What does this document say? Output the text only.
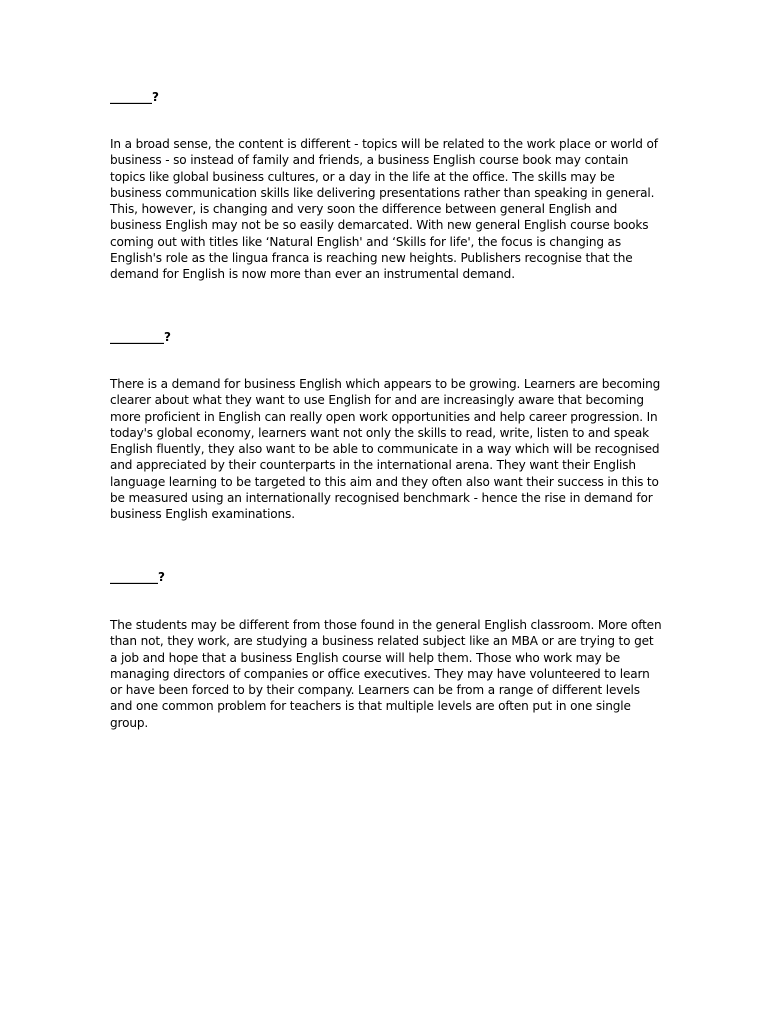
_______?

In a broad sense, the content is different - topics will be related to the work place or world of business - so instead of family and friends, a business English course book may contain topics like global business cultures, or a day in the life at the office. The skills may be business communication skills like delivering presentations rather than speaking in general. This, however, is changing and very soon the difference between general English and business English may not be so easily demarcated. With new general English course books coming out with titles like ‘Natural English' and ‘Skills for life', the focus is changing as English's role as the lingua franca is reaching new heights. Publishers recognise that the demand for English is now more than ever an instrumental demand.

_________?

There is a demand for business English which appears to be growing. Learners are becoming clearer about what they want to use English for and are increasingly aware that becoming more proficient in English can really open work opportunities and help career progression. In today's global economy, learners want not only the skills to read, write, listen to and speak English fluently, they also want to be able to communicate in a way which will be recognised and appreciated by their counterparts in the international arena. They want their English language learning to be targeted to this aim and they often also want their success in this to be measured using an internationally recognised benchmark - hence the rise in demand for business English examinations.

________?

The students may be different from those found in the general English classroom. More often than not, they work, are studying a business related subject like an MBA or are trying to get a job and hope that a business English course will help them. Those who work may be managing directors of companies or office executives. They may have volunteered to learn or have been forced to by their company. Learners can be from a range of different levels and one common problem for teachers is that multiple levels are often put in one single group.
